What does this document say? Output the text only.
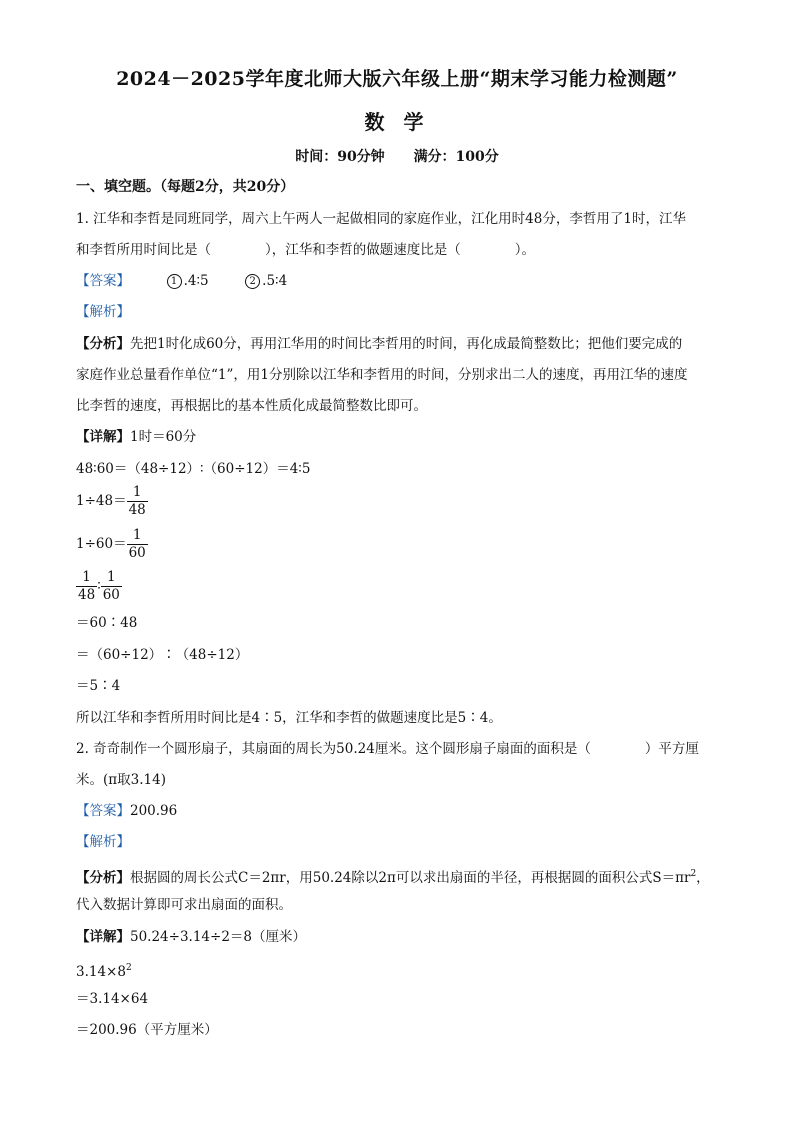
2024－2025学年度北师大版六年级上册“期末学习能力检测题”
数 学
时间：90分钟 满分：100分
一、填空题。（每题2分，共20分）
1. 江华和李哲是同班同学，周六上午两人一起做相同的家庭作业，江化用时48分，李哲用了1时，江华
和李哲所用时间比是（　　　　），江华和李哲的做题速度比是（　　　　）。
【答案】	1 .4∶5	2 .5∶4
【解析】
【分析】先把1时化成60分，再用江华用的时间比李哲用的时间，再化成最简整数比；把他们要完成的
家庭作业总量看作单位“1”，用1分别除以江华和李哲用的时间，分别求出二人的速度，再用江华的速度
比李哲的速度，再根据比的基本性质化成最简整数比即可。
【详解】1时＝60分
48∶60＝（48÷12）∶（60÷12）＝4∶5
$1\div 48= \frac{1}{48}$
$1\div 60= \frac{1}{60}$
$\frac{1}{48}$ ∶ $\frac{1}{60}$
＝60∶48
＝（60÷12）∶（48÷12）
＝5∶4
所以江华和李哲所用时间比是4∶5，江华和李哲的做题速度比是5∶4。
2. 奇奇制作一个圆形扇子，其扇面的周长为50.24厘米。这个圆形扇子扇面的面积是（　　　　）平方厘
米。(π取3.14)
【答案】200.96
【解析】
【分析】根据圆的周长公式C＝2πr，用50.24除以2π可以求出扇面的半径，再根据圆的面积公式$S=\pi r^2$，
代入数据计算即可求出扇面的面积。
【详解】50.24÷3.14÷2＝8（厘米）
$3.14\times 8^2$
＝3.14×64
＝200.96（平方厘米）
